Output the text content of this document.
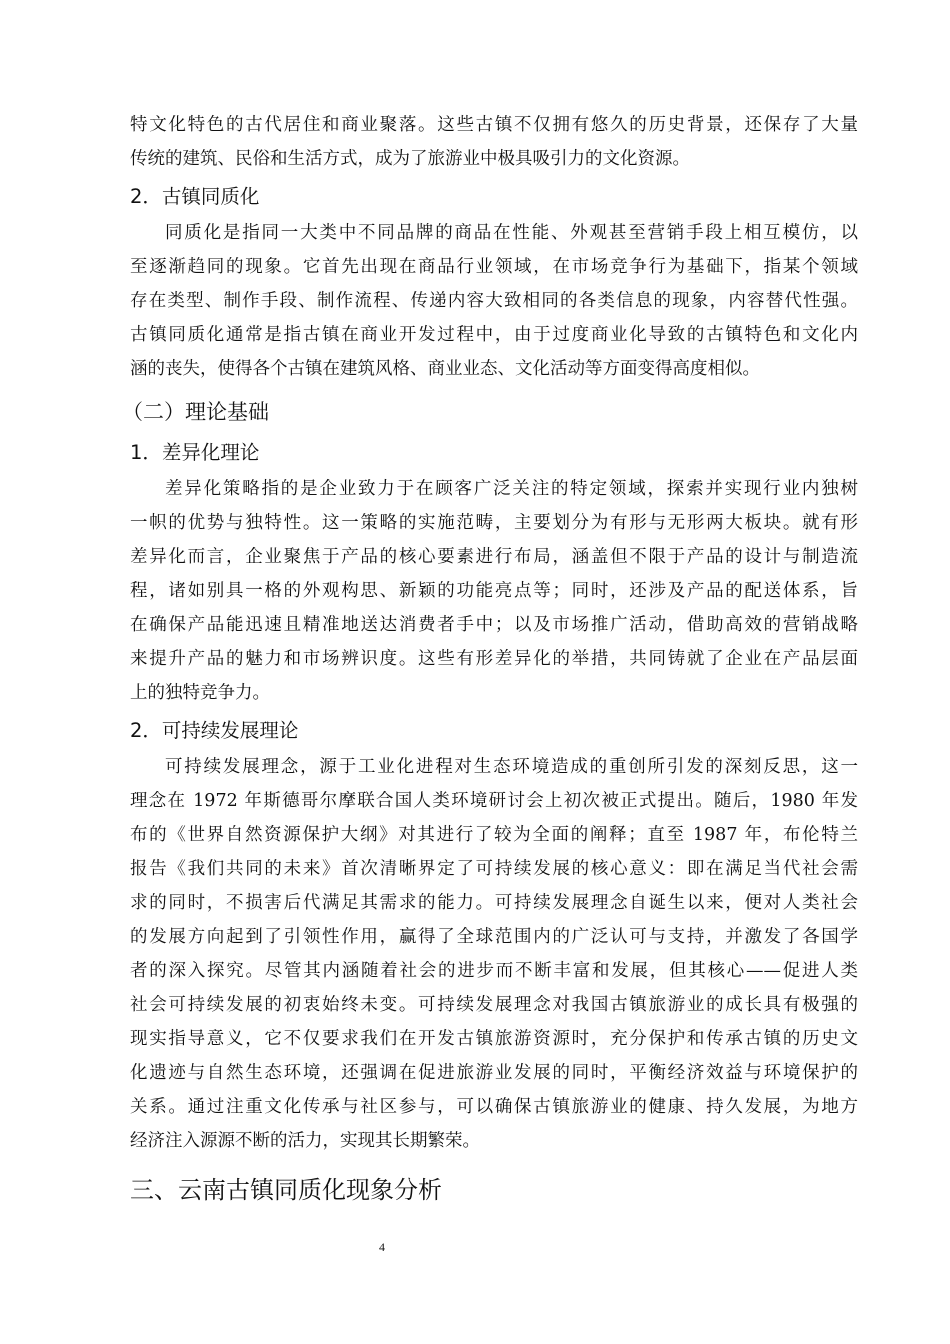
特文化特色的古代居住和商业聚落。这些古镇不仅拥有悠久的历史背景，还保存了大量
传统的建筑、民俗和生活方式，成为了旅游业中极具吸引力的文化资源。
2．古镇同质化
同质化是指同一大类中不同品牌的商品在性能、外观甚至营销手段上相互模仿，以
至逐渐趋同的现象。它首先出现在商品行业领域，在市场竞争行为基础下，指某个领域
存在类型、制作手段、制作流程、传递内容大致相同的各类信息的现象，内容替代性强。
古镇同质化通常是指古镇在商业开发过程中，由于过度商业化导致的古镇特色和文化内
涵的丧失，使得各个古镇在建筑风格、商业业态、文化活动等方面变得高度相似。
（二）理论基础
1．差异化理论
差异化策略指的是企业致力于在顾客广泛关注的特定领域，探索并实现行业内独树
一帜的优势与独特性。这一策略的实施范畴，主要划分为有形与无形两大板块。就有形
差异化而言，企业聚焦于产品的核心要素进行布局，涵盖但不限于产品的设计与制造流
程，诸如别具一格的外观构思、新颖的功能亮点等；同时，还涉及产品的配送体系，旨
在确保产品能迅速且精准地送达消费者手中；以及市场推广活动，借助高效的营销战略
来提升产品的魅力和市场辨识度。这些有形差异化的举措，共同铸就了企业在产品层面
上的独特竞争力。
2．可持续发展理论
可持续发展理念，源于工业化进程对生态环境造成的重创所引发的深刻反思，这一
理念在 1972 年斯德哥尔摩联合国人类环境研讨会上初次被正式提出。随后，1980 年发
布的《世界自然资源保护大纲》对其进行了较为全面的阐释；直至 1987 年，布伦特兰
报告《我们共同的未来》首次清晰界定了可持续发展的核心意义：即在满足当代社会需
求的同时，不损害后代满足其需求的能力。可持续发展理念自诞生以来，便对人类社会
的发展方向起到了引领性作用，赢得了全球范围内的广泛认可与支持，并激发了各国学
者的深入探究。尽管其内涵随着社会的进步而不断丰富和发展，但其核心——促进人类
社会可持续发展的初衷始终未变。可持续发展理念对我国古镇旅游业的成长具有极强的
现实指导意义，它不仅要求我们在开发古镇旅游资源时，充分保护和传承古镇的历史文
化遗迹与自然生态环境，还强调在促进旅游业发展的同时，平衡经济效益与环境保护的
关系。通过注重文化传承与社区参与，可以确保古镇旅游业的健康、持久发展，为地方
经济注入源源不断的活力，实现其长期繁荣。
三、云南古镇同质化现象分析
4
